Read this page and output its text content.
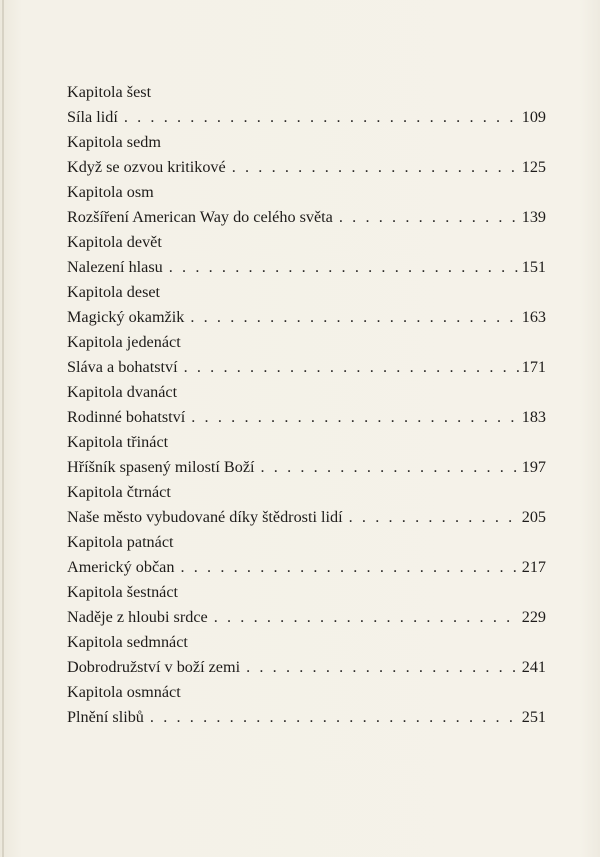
Kapitola šest
Síla lidí . . .	109
Kapitola sedm
Když se ozvou kritikové . . .	125
Kapitola osm
Rozšíření American Way do celého světa . . .	139
Kapitola devět
Nalezení hlasu . . .	151
Kapitola deset
Magický okamžik . . .	163
Kapitola jedenáct
Sláva a bohatství . . .	171
Kapitola dvanáct
Rodinné bohatství . . .	183
Kapitola třináct
Hříšník spasený milostí Boží . . .	197
Kapitola čtrnáct
Naše město vybudované díky štědrosti lidí . . .	205
Kapitola patnáct
Americký občan . . .	217
Kapitola šestnáct
Naděje z hloubi srdce . . .	229
Kapitola sedmnáct
Dobrodružství v boží zemi . . .	241
Kapitola osmnáct
Plnění slibů . . .	251
